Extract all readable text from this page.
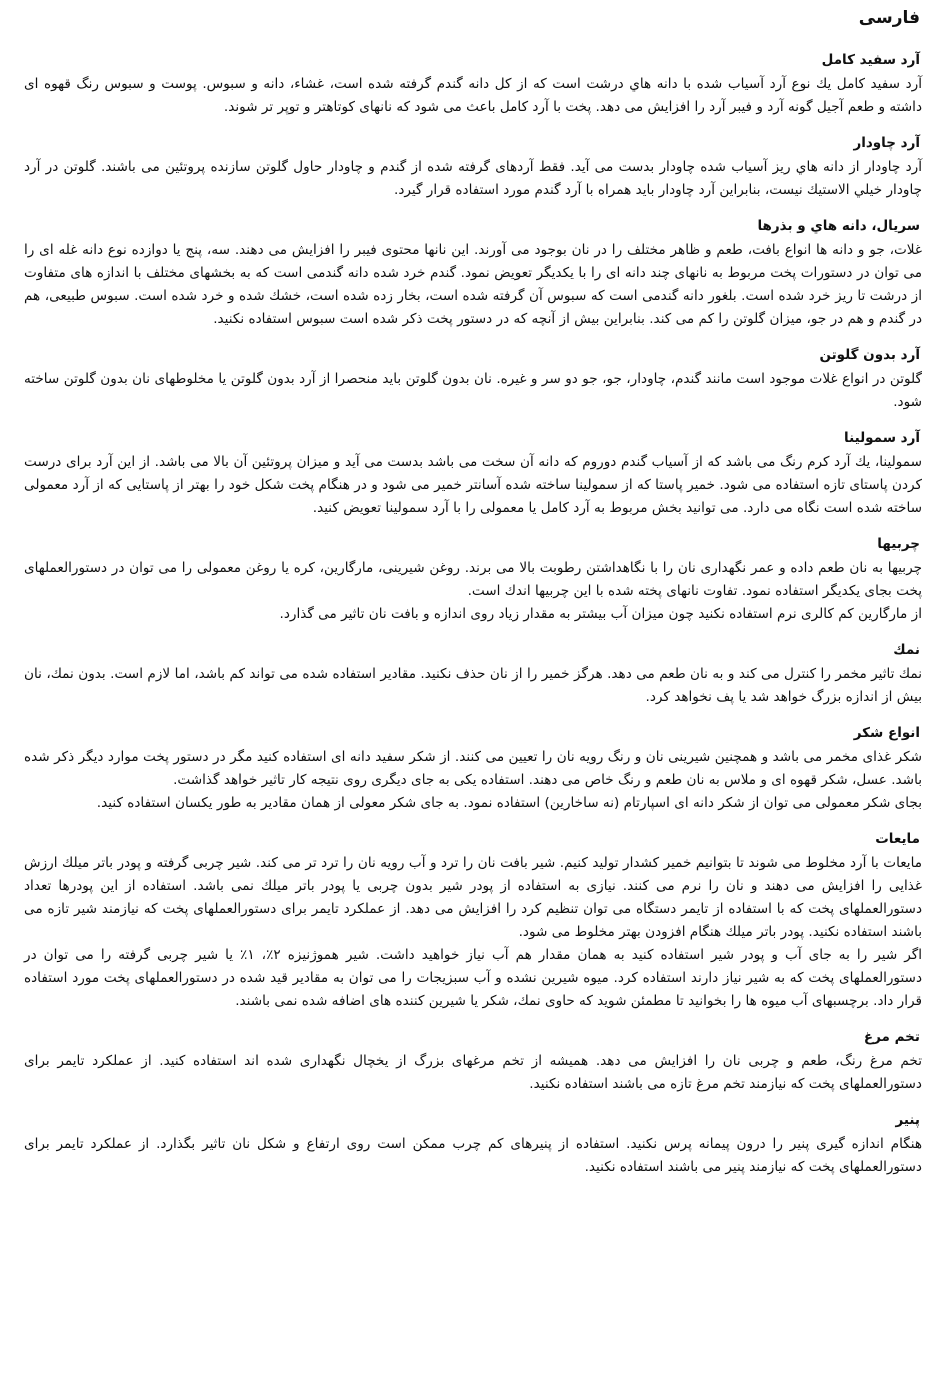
فارسی
آرد سفید کامل

آرد سفید کامل يك نوع آرد آسياب شده با دانه هاي درشت است كه از كل دانه گندم گرفته شده است، غشاء، دانه و سبوس. پوست و سبوس رنگ قهوه ای داشته و طعم آجيل گونه آرد و فيبر آرد را افزايش مى دهد. پخت با آرد کامل باعث مى شود که نانهای کوتاهتر و توپر تر شوند.

آرد چاودار

آرد چاودار از دانه هاي ريز آسياب شده چاودار بدست مى آيد. فقط آردهاى گرفته شده از گندم و چاودار حاول گلوتن سازنده پروتئين مى باشند. گلوتن در آرد چاودار خيلي الاستيك نيست، بنابراين آرد چاودار بايد همراه با آرد گندم مورد استفاده قرار گيرد.

سريال، دانه هاي و بذرها

غلات، جو و دانه ها انواع بافت، طعم و ظاهر مختلف را در نان بوجود مى آورند. اين نانها محتوى فيبر را افزايش مى دهند. سه، پنج يا دوازده نوع دانه غله اى را مى توان در دستورات پخت مربوط به نانهاى چند دانه اى را با يكديگر تعويض نمود. گندم خرد شده دانه گندمى است كه به بخشهاى مختلف با اندازه هاى متفاوت از درشت تا ريز خرد شده است. بلغور دانه گندمى است كه سبوس آن گرفته شده است، بخار زده شده است، خشك شده و خرد شده است. سبوس طبيعى، هم در گندم و هم در جو، ميزان گلوتن را كم مى كند. بنابراين بيش از آنچه كه در دستور پخت ذكر شده است سبوس استفاده نكنيد.

آرد بدون گلوتن

گلوتن در انواع غلات موجود است مانند گندم، چاودار، جو، جو دو سر و غيره. نان بدون گلوتن بايد منحصرا از آرد بدون گلوتن يا مخلوطهاى نان بدون گلوتن ساخته شود.

آرد سمولينا

سمولينا، يك آرد كرم رنگ مى باشد كه از آسياب گندم دوروم كه دانه آن سخت مى باشد بدست مى آيد و ميزان پروتئين آن بالا مى باشد. از اين آرد براى درست كردن پاستاى تازه استفاده مى شود. خمير پاستا كه از سمولينا ساخته شده آسانتر خمير مى شود و در هنگام پخت شكل خود را بهتر از پاستايى كه از آرد معمولى ساخته شده است نگاه مى دارد. مى توانيد بخش مربوط به آرد كامل يا معمولى را با آرد سمولينا تعويض كنيد.

چربيها

چربيها به نان طعم داده و عمر نگهدارى نان را با نگاهداشتن رطوبت بالا مى برند. روغن شيرينى، مارگارين، كره يا روغن معمولى را مى توان در دستورالعملهاى پخت بجاى يكديگر استفاده نمود. تفاوت نانهاى پخته شده با اين چربيها اندك است.

از مارگارين كم كالرى نرم استفاده نكنيد چون ميزان آب بيشتر به مقدار زياد روى اندازه و بافت نان تاثير مى گذارد.

نمك

نمك تاثير مخمر را كنترل مى كند و به نان طعم مى دهد. هرگز خمير را از نان حذف نكنيد. مقادير استفاده شده مى تواند كم باشد، اما لازم است. بدون نمك، نان بيش از اندازه بزرگ خواهد شد يا پف نخواهد كرد.

انواع شكر

شكر غذاى مخمر مى باشد و همچنين شيرينى نان و رنگ رويه نان را تعيين مى كنند. از شكر سفيد دانه اى استفاده كنيد مگر در دستور پخت موارد ديگر ذكر شده باشد. عسل، شكر قهوه اى و ملاس به نان طعم و رنگ خاص مى دهند. استفاده يكى به جاى ديگرى روى نتيجه كار تاثير خواهد گذاشت.

بجاى شكر معمولى مى توان از شكر دانه اى اسپارتام (نه ساخارين) استفاده نمود. به جاى شكر معولى از همان مقادير به طور يكسان استفاده كنيد.

مايعات

مايعات با آرد مخلوط مى شوند تا بتوانيم خمير كشدار توليد كنيم. شير بافت نان را ترد و آب رويه نان را ترد تر مى كند. شير چربى گرفته و پودر باتر ميلك ارزش غذايى را افزايش مى دهند و نان را نرم مى كنند. نيازى به استفاده از پودر شير بدون چربى يا پودر باتر ميلك نمى باشد. استفاده از اين پودرها تعداد دستورالعملهاى پخت كه با استفاده از تايمر دستگاه مى توان تنظيم كرد را افزايش مى دهد. از عملكرد تايمر براى دستورالعملهاى پخت كه نيازمند شير تازه مى باشند استفاده نكنيد. پودر باتر ميلك هنگام افزودن بهتر مخلوط مى شود.

اگر شير را به جاى آب و پودر شير استفاده كنيد به همان مقدار هم آب نياز خواهيد داشت. شير هموژنيزه ۲٪، ۱٪ يا شير چربى گرفته را مى توان در دستورالعملهاى پخت كه به شير نياز دارند استفاده كرد. ميوه شيرين نشده و آب سبزيجات را مى توان به مقادير قيد شده در دستورالعملهاى پخت مورد استفاده قرار داد. برچسبهاى آب ميوه ها را بخوانيد تا مطمئن شويد كه حاوى نمك، شكر يا شيرين كننده هاى اضافه شده نمى باشند.

تخم مرغ

تخم مرغ رنگ، طعم و چربى نان را افزايش مى دهد. هميشه از تخم مرغهاى بزرگ از يخچال نگهدارى شده اند استفاده كنيد. از عملكرد تايمر براى دستورالعملهاى پخت كه نيازمند تخم مرغ تازه مى باشند استفاده نكنيد.

پنير

هنگام اندازه گيرى پنير را درون پيمانه پرس نكنيد. استفاده از پنيرهاى كم چرب ممكن است روى ارتفاع و شكل نان تاثير بگذارد. از عملكرد تايمر براى دستورالعملهاى پخت كه نيازمند پنير مى باشند استفاده نكنيد.
